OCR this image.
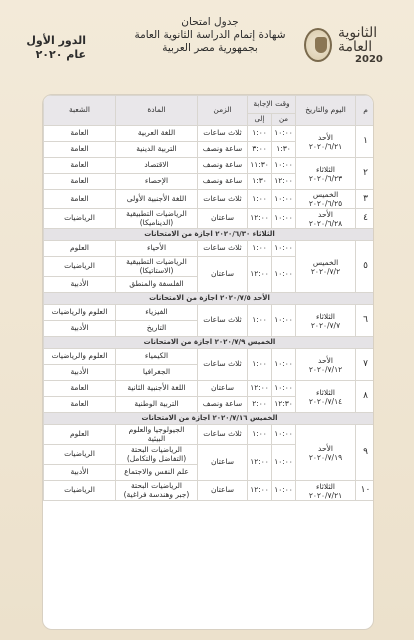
الثانوية العامة
2020
جدول امتحان
شهادة إتمام الدراسة الثانوية العامة
بجمهورية مصر العربية
الدور الأول
عام ٢٠٢٠
م	اليوم والتاريخ	وقت الإجابة		الزمن	المادة	الشعبة
		من	إلى			
١	الأحد
٢٠٢٠/٦/٢١	١٠:٠٠	١:٠٠	ثلاث ساعات	اللغة العربية	العامة
		١:٣٠	٣:٠٠	ساعة ونصف	التربية الدينية	العامة
٢	الثلاثاء
٢٠٢٠/٦/٢٣	١٠:٠٠	١١:٣٠	ساعة ونصف	الاقتصاد	العامة
		١٢:٠٠	١:٣٠	ساعة ونصف	الإحصاء	العامة
٣	الخميس
٢٠٢٠/٦/٢٥	١٠:٠٠	١:٠٠	ثلاث ساعات	اللغة الأجنبية الأولى	العامة
٤	الأحد
٢٠٢٠/٦/٢٨	١٠:٠٠	١٢:٠٠	ساعتان	الرياضيات التطبيقية
(الديناميكا)	الرياضيات
الثلاثاء ٢٠٢٠/٦/٣٠ اجازة من الامتحانات						
٥	الخميس
٢٠٢٠/٧/٢	١٠:٠٠	١:٠٠	ثلاث ساعات	الأحياء	العلوم
		١٠:٠٠	١٢:٠٠	ساعتان	الرياضيات التطبيقية
(الاستاتيكا)	الرياضيات
					الفلسفة والمنطق	الأدبية
الأحد ٢٠٢٠/٧/٥ اجازة من الامتحانات						
٦	الثلاثاء
٢٠٢٠/٧/٧	١٠:٠٠	١:٠٠	ثلاث ساعات	الفيزياء	العلوم والرياضيات
					التاريخ	الأدبية
الخميس ٢٠٢٠/٧/٩ اجازة من الامتحانات						
٧	الأحد
٢٠٢٠/٧/١٢	١٠:٠٠	١:٠٠	ثلاث ساعات	الكيمياء	العلوم والرياضيات
					الجغرافيا	الأدبية
٨	الثلاثاء
٢٠٢٠/٧/١٤	١٠:٠٠	١٢:٠٠	ساعتان	اللغة الأجنبية الثانية	العامة
		١٢:٣٠	٢:٠٠	ساعة ونصف	التربية الوطنية	العامة
الخميس ٢٠٢٠/٧/١٦ اجازة من الامتحانات						
٩	الأحد
٢٠٢٠/٧/١٩	١٠:٠٠	١:٠٠	ثلاث ساعات	الجيولوجيا والعلوم
البيئية	العلوم
		١٠:٠٠	١٢:٠٠	ساعتان	الرياضيات البحتة
(التفاضل والتكامل)	الرياضيات
					علم النفس والاجتماع	الأدبية
١٠	الثلاثاء
٢٠٢٠/٧/٢١	١٠:٠٠	١٢:٠٠	ساعتان	الرياضيات البحتة
(جبر وهندسة فراغية)	الرياضيات
